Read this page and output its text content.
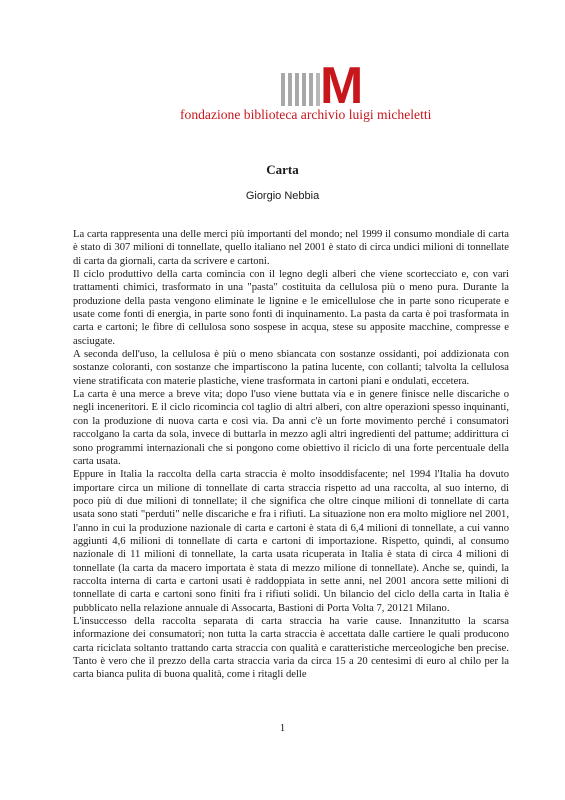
M
fondazione biblioteca archivio luigi micheletti
Carta
Giorgio Nebbia

La carta rappresenta una delle merci più importanti del mondo; nel 1999 il consumo mondiale di carta è stato di 307 milioni di tonnellate, quello italiano nel 2001 è stato di circa undici milioni di tonnellate di carta da giornali, carta da scrivere e cartoni.

Il ciclo produttivo della carta comincia con il legno degli alberi che viene scortecciato e, con vari trattamenti chimici, trasformato in una "pasta" costituita da cellulosa più o meno pura. Durante la produzione della pasta vengono eliminate le lignine e le emicellulose che in parte sono ricuperate e usate come fonti di energia, in parte sono fonti di inquinamento. La pasta da carta è poi trasformata in carta e cartoni; le fibre di cellulosa sono sospese in acqua, stese su apposite macchine, compresse e asciugate.

A seconda dell'uso, la cellulosa è più o meno sbiancata con sostanze ossidanti, poi addizionata con sostanze coloranti, con sostanze che impartiscono la patina lucente, con collanti; talvolta la cellulosa viene stratificata con materie plastiche, viene trasformata in cartoni piani e ondulati, eccetera.

La carta è una merce a breve vita; dopo l'uso viene buttata via e in genere finisce nelle discariche o negli inceneritori. E il ciclo ricomincia col taglio di altri alberi, con altre operazioni spesso inquinanti, con la produzione di nuova carta e così via. Da anni c'è un forte movimento perché i consumatori raccolgano la carta da sola, invece di buttarla in mezzo agli altri ingredienti del pattume; addirittura ci sono programmi internazionali che si pongono come obiettivo il riciclo di una forte percentuale della carta usata.

Eppure in Italia la raccolta della carta straccia è molto insoddisfacente; nel 1994 l'Italia ha dovuto importare circa un milione di tonnellate di carta straccia rispetto ad una raccolta, al suo interno, di poco più di due milioni di tonnellate; il che significa che oltre cinque milioni di tonnellate di carta usata sono stati "perduti" nelle discariche e fra i rifiuti. La situazione non era molto migliore nel 2001, l'anno in cui la produzione nazionale di carta e cartoni è stata di 6,4 milioni di tonnellate, a cui vanno aggiunti 4,6 milioni di tonnellate di carta e cartoni di importazione. Rispetto, quindi, al consumo nazionale di 11 milioni di tonnellate, la carta usata ricuperata in Italia è stata di circa 4 milioni di tonnellate (la carta da macero importata è stata di mezzo milione di tonnellate). Anche se, quindi, la raccolta interna di carta e cartoni usati è raddoppiata in sette anni, nel 2001 ancora sette milioni di tonnellate di carta e cartoni sono finiti fra i rifiuti solidi. Un bilancio del ciclo della carta in Italia è pubblicato nella relazione annuale di Assocarta, Bastioni di Porta Volta 7, 20121 Milano.

L'insuccesso della raccolta separata di carta straccia ha varie cause. Innanzitutto la scarsa informazione dei consumatori; non tutta la carta straccia è accettata dalle cartiere le quali producono carta riciclata soltanto trattando carta straccia con qualità e caratteristiche merceologiche ben precise. Tanto è vero che il prezzo della carta straccia varia da circa 15 a 20 centesimi di euro al chilo per la carta bianca pulita di buona qualità, come i ritagli delle

1
